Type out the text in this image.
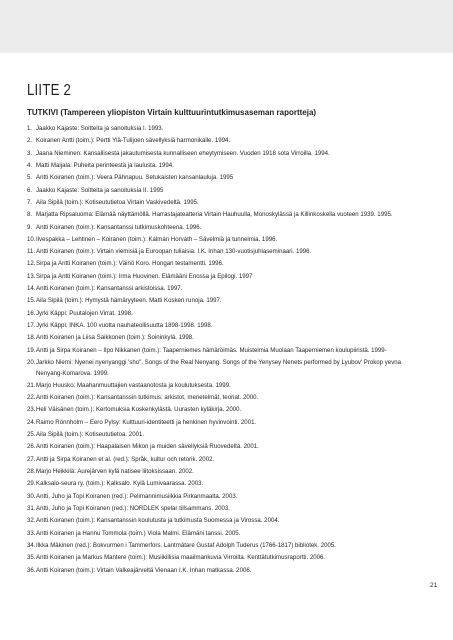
LIITE 2
TUTKIVI (Tampereen yliopiston Virtain kulttuurintutkimusaseman raportteja)
1. Jaakko Kajaste: Soitteita ja sanoituksia I. 1993.
2. Koiranen Antti (toim.): Pertti Ylä-Tulijoen sävellyksiä harmonikalle. 1994.
3. Jaana Nieminen: Kansallisesta jakautumisesta kunnalliseen eheytymiseen. Vuoden 1918 sota Virroilla. 1994.
4. Matti Maijala: Puheita perinteestä ja laulusta. 1994.
5. Antti Koiranen (toim.): Veera Pähnapuu. Setukaisten kansanlauluja. 1995
6. Jaakko Kajaste: Soitteita ja sanoituksia II. 1995
7. Aila Sipilä (toim.): Kotiseututietoa Virtain Vaskivedeltä. 1995.
8. Marjatta Ripsaluoma: Elämää näyttämöllä. Harrastajateatteria Virtain Hauhuulla, Monoskylässä ja Killinkoskella vuoteen 1939. 1995.
9. Antti Koiranen (toim.): Kansantanssi tutkimuskohteena. 1996.
10. Ilvespakka – Lehtinen – Koiranen (toim.): Kálmán Horváth – Sävelmiä ja tunnelmia. 1996.
11. Antti Koiranen (toim.): Virtain viemisiä ja Euroopan tuliaisia. I.K. Inhan 130-vuotisjuhlaseminaari. 1996.
12. Sirpa ja Antti Koiranen (toim.): Väinö Koro. Hongan testamentti. 1996.
13. Sirpa ja Antti Koiranen (toim.): Irma Huovinen. Elämääni Enossa ja Epilogi. 1997
14. Antti Koiranen (toim.): Kansantanssi arkistoissa. 1997.
15. Aila Sipilä (toim.): Hymystä hämäryyteen. Matti Kosken runoja. 1997.
16. Jyrki Käppi: Puutalojen Virrat. 1998.
17. Jyrki Käppi: INKA. 100 vuotta nauhateollisuutta 1898-1998. 1998.
18. Antti Koiranen ja Liisa Saikkonen (toim.): Soininkylä. 1998.
19. Antti ja Sirpa Koiranen – Ilpo Nikkanen (toim.): Taaperniemes hämäröimäs. Muistelmia Muolaan Taaperniemen koulupiiristä. 1999-
20. Jarkko Niemi: Nyenei nyenyanggi 'sho". Songs of the Real Nenyang. Songs of the Yenysey Nenets performed by Lyubov' Prokop yevna Nenyang-Komarova. 1999.
21. Marjo Huusko: Maahanmuuttajien vastaanotosta ja koulutuksesta. 1999.
22. Antti Koiranen (toim.): Kansantanssin tutkimus: arkistot, menetelmät, teoriat. 2000.
23. Heli Väisänen (toim.): Kertomuksia Koskenkylästä. Uurasten kyläkirja. 2000.
24. Raimo Rönnholm – Eero Pylsy: Kulttuuri-identiteetti ja henkinen hyvinvointi. 2001.
25. Aila Sipilä (toim.): Kotiseututietoa. 2001.
26. Antti Koiranen (toim.): Haapalaisen Mikon ja muiden sävellyksiä Ruovedeltä. 2001.
27. Antti ja Sirpa Koiranen et al. (red.): Språk, kultur och retorik. 2002.
28. Marjo Heikkilä: Aurejärven kylä natisee liitoksissaan. 2002.
29. Kalksalo-seura ry. (toim.): Kalksalo. Kylä Lumivaarassa. 2003.
30. Antti, Juho ja Topi Koiranen (red.): Pelimannimusiikkia Pirkanmaalta. 2003.
31. Antti, Juho ja Topi Koiranen (red.): NORDLEK spelar tillsammans. 2003.
32. Antti Koiranen (toim.): Kansantanssin koulutusta ja tutkimusta Suomessa ja Virossa. 2004.
33. Antti Koiranen ja Hannu Tommola (toim.) Viola Malmi. Elämäni tanssi. 2005.
34. Ilkka Mäkinen (red.): Bokvurmen i Tammerfors. Lantmätare Gustaf Adolph Tuderus (1766-1817) bibliotek. 2005.
35. Antti Koiranen ja Markus Mantere (toim.): Musiikillisia maailmankuvia Virroilta. Kenttätutkimusraportti. 2006.
36. Antti Koiranen (toim.): Virtain Valkeajärveltä Vienaan I.K. Inhan matkassa. 2006.
21
